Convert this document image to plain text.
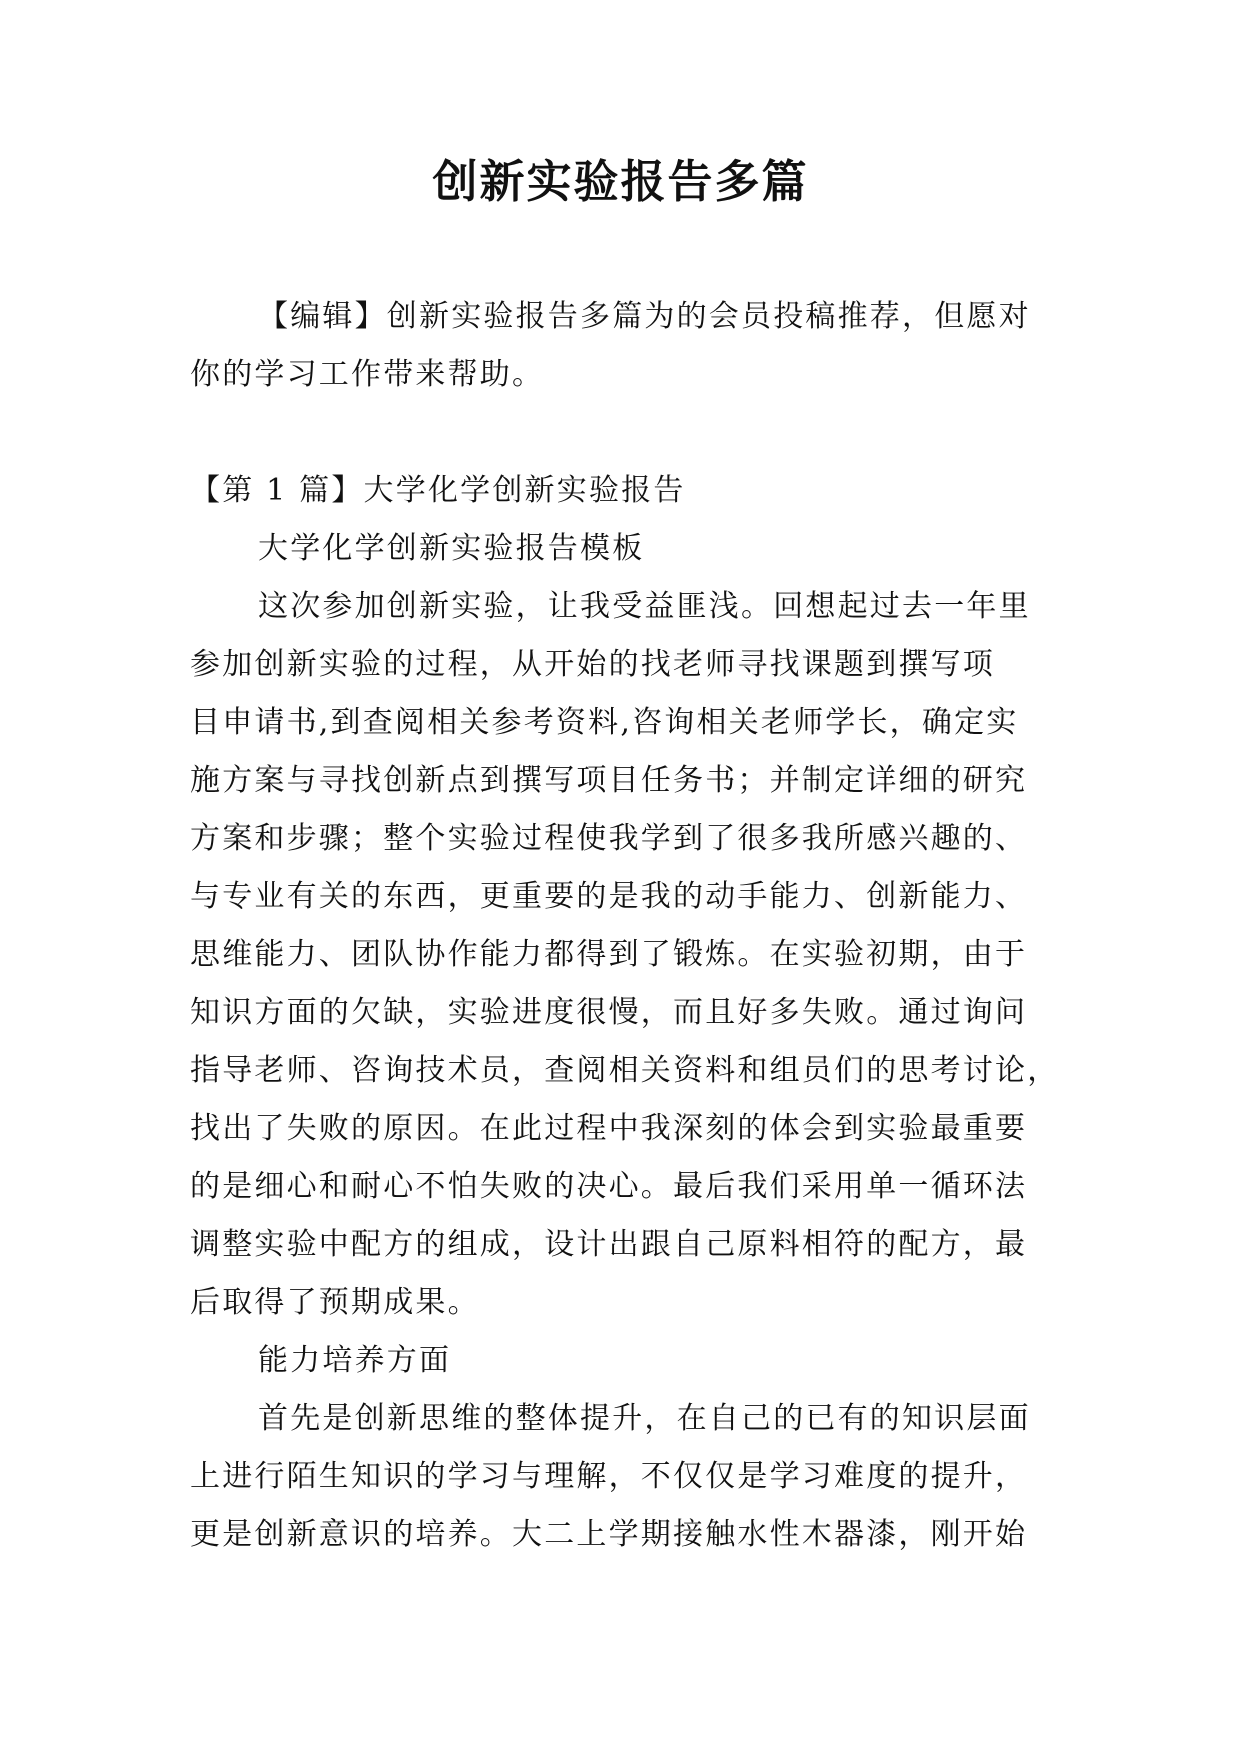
创新实验报告多篇

【编辑】创新实验报告多篇为的会员投稿推荐，但愿对

你的学习工作带来帮助。

【第 1 篇】大学化学创新实验报告

大学化学创新实验报告模板

这次参加创新实验，让我受益匪浅。回想起过去一年里

参加创新实验的过程，从开始的找老师寻找课题到撰写项

目申请书,到查阅相关参考资料,咨询相关老师学长，确定实

施方案与寻找创新点到撰写项目任务书；并制定详细的研究

方案和步骤；整个实验过程使我学到了很多我所感兴趣的、

与专业有关的东西，更重要的是我的动手能力、创新能力、

思维能力、团队协作能力都得到了锻炼。在实验初期，由于

知识方面的欠缺，实验进度很慢，而且好多失败。通过询问

指导老师、咨询技术员，查阅相关资料和组员们的思考讨论，

找出了失败的原因。在此过程中我深刻的体会到实验最重要

的是细心和耐心不怕失败的决心。最后我们采用单一循环法

调整实验中配方的组成，设计出跟自己原料相符的配方，最

后取得了预期成果。

能力培养方面

首先是创新思维的整体提升，在自己的已有的知识层面

上进行陌生知识的学习与理解，不仅仅是学习难度的提升，

更是创新意识的培养。大二上学期接触水性木器漆，刚开始
